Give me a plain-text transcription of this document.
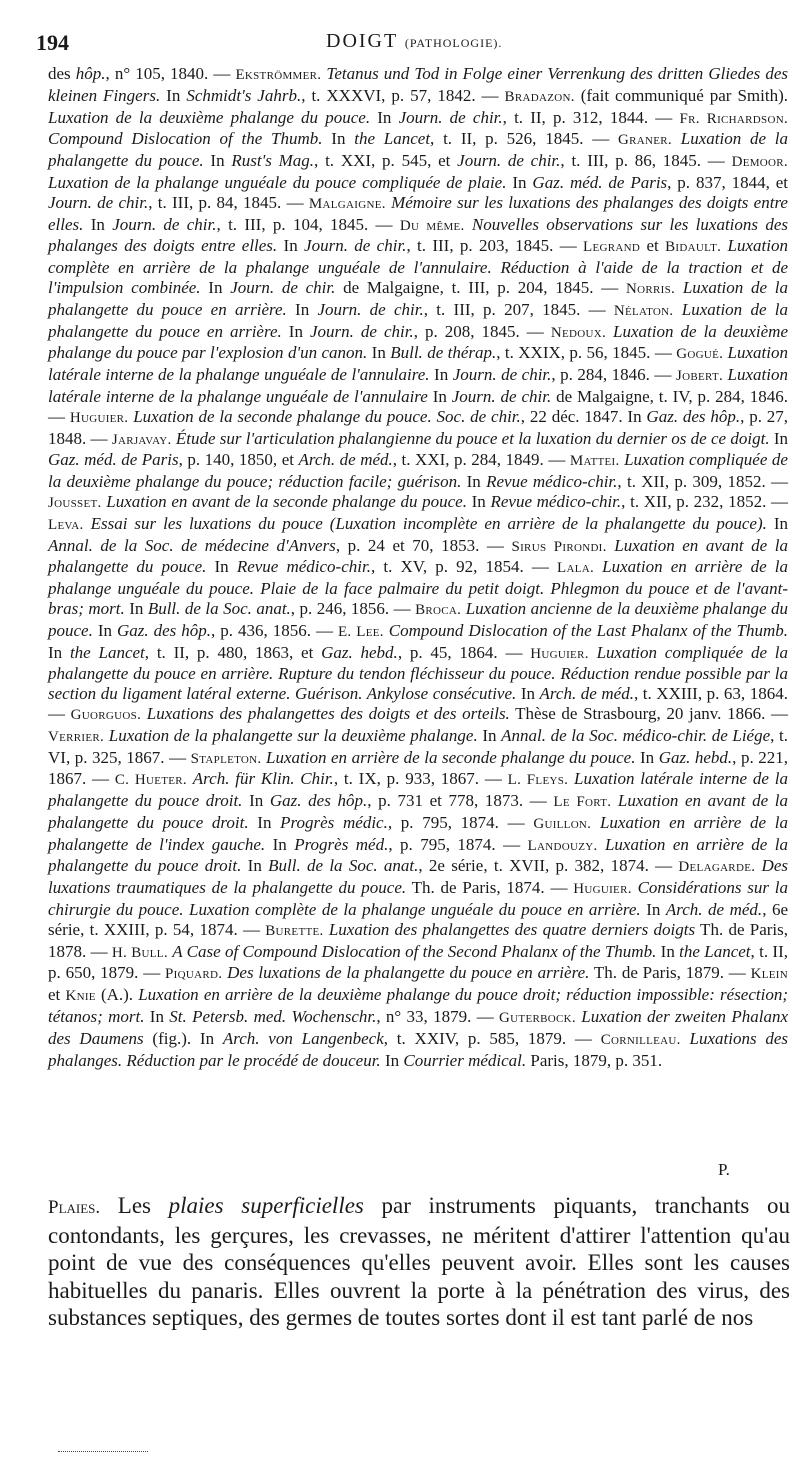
194	DOIGT (PATHOLOGIE).

des hôp., n° 105, 1840. — Ekströmmer. Tetanus und Tod in Folge einer Verrenkung des dritten Gliedes des kleinen Fingers. In Schmidt's Jahrb., t. XXXVI, p. 57, 1842. — Bradazon. (fait communiqué par Smith). Luxation de la deuxième phalange du pouce. In Journ. de chir., t. II, p. 312, 1844. — Fr. Richardson. Compound Dislocation of the Thumb. In the Lancet, t. II, p. 526, 1845. — Graner. Luxation de la phalangette du pouce. In Rust's Mag., t. XXI, p. 545, et Journ. de chir., t. III, p. 86, 1845. — Demoor. Luxation de la phalange unguéale du pouce compliquée de plaie. In Gaz. méd. de Paris, p. 837, 1844, et Journ. de chir., t. III, p. 84, 1845. — Malgaigne. Mémoire sur les luxations des phalanges des doigts entre elles. In Journ. de chir., t. III, p. 104, 1845. — Du même. Nouvelles observations sur les luxations des phalanges des doigts entre elles. In Journ. de chir., t. III, p. 203, 1845. — Legrand et Bidault. Luxation complète en arrière de la phalange unguéale de l'annulaire. Réduction à l'aide de la traction et de l'impulsion combinée. In Journ. de chir. de Malgaigne, t. III, p. 204, 1845. — Norris. Luxation de la phalangette du pouce en arrière. In Journ. de chir., t. III, p. 207, 1845. — Nélaton. Luxation de la phalangette du pouce en arrière. In Journ. de chir., p. 208, 1845. — Nedoux. Luxation de la deuxième phalange du pouce par l'explosion d'un canon. In Bull. de thérap., t. XXIX, p. 56, 1845. — Gogué. Luxation latérale interne de la phalange unguéale de l'annulaire. In Journ. de chir., p. 284, 1846. — Jobert. Luxation latérale interne de la phalange unguéale de l'annulaire In Journ. de chir. de Malgaigne, t. IV, p. 284, 1846. — Huguier. Luxation de la seconde phalange du pouce. Soc. de chir., 22 déc. 1847. In Gaz. des hôp., p. 27, 1848. — Jarjavay. Étude sur l'articulation phalangienne du pouce et la luxation du dernier os de ce doigt. In Gaz. méd. de Paris, p. 140, 1850, et Arch. de méd., t. XXI, p. 284, 1849. — Mattei. Luxation compliquée de la deuxième phalange du pouce; réduction facile; guérison. In Revue médico-chir., t. XII, p. 309, 1852. — Jousset. Luxation en avant de la seconde phalange du pouce. In Revue médico-chir., t. XII, p. 232, 1852. — Leva. Essai sur les luxations du pouce (Luxation incomplète en arrière de la phalangette du pouce). In Annal. de la Soc. de médecine d'Anvers, p. 24 et 70, 1853. — Sirus Pirondi. Luxation en avant de la phalangette du pouce. In Revue médico-chir., t. XV, p. 92, 1854. — Lala. Luxation en arrière de la phalange unguéale du pouce. Plaie de la face palmaire du petit doigt. Phlegmon du pouce et de l'avant-bras; mort. In Bull. de la Soc. anat., p. 246, 1856. — Broca. Luxation ancienne de la deuxième phalange du pouce. In Gaz. des hôp., p. 436, 1856. — E. Lee. Compound Dislocation of the Last Phalanx of the Thumb. In the Lancet, t. II, p. 480, 1863, et Gaz. hebd., p. 45, 1864. — Huguier. Luxation compliquée de la phalangette du pouce en arrière. Rupture du tendon fléchisseur du pouce. Réduction rendue possible par la section du ligament latéral externe. Guérison. Ankylose consécutive. In Arch. de méd., t. XXIII, p. 63, 1864. — Guorguos. Luxations des phalangettes des doigts et des orteils. Thèse de Strasbourg, 20 janv. 1866. — Verrier. Luxation de la phalangette sur la deuxième phalange. In Annal. de la Soc. médico-chir. de Liége, t. VI, p. 325, 1867. — Stapleton. Luxation en arrière de la seconde phalange du pouce. In Gaz. hebd., p. 221, 1867. — C. Hueter. Arch. für Klin. Chir., t. IX, p. 933, 1867. — L. Fleys. Luxation latérale interne de la phalangette du pouce droit. In Gaz. des hôp., p. 731 et 778, 1873. — Le Fort. Luxation en avant de la phalangette du pouce droit. In Progrès médic., p. 795, 1874. — Guillon. Luxation en arrière de la phalangette de l'index gauche. In Progrès méd., p. 795, 1874. — Landouzy. Luxation en arrière de la phalangette du pouce droit. In Bull. de la Soc. anat., 2e série, t. XVII, p. 382, 1874. — Delagarde. Des luxations traumatiques de la phalangette du pouce. Th. de Paris, 1874. — Huguier. Considérations sur la chirurgie du pouce. Luxation complète de la phalange unguéale du pouce en arrière. In Arch. de méd., 6e série, t. XXIII, p. 54, 1874. — Burette. Luxation des phalangettes des quatre derniers doigts Th. de Paris, 1878. — H. Bull. A Case of Compound Dislocation of the Second Phalanx of the Thumb. In the Lancet, t. II, p. 650, 1879. — Piquard. Des luxations de la phalangette du pouce en arrière. Th. de Paris, 1879. — Klein et Knie (A.). Luxation en arrière de la deuxième phalange du pouce droit; réduction impossible: résection; tétanos; mort. In St. Petersb. med. Wochenschr., n° 33, 1879. — Guterbock. Luxation der zweiten Phalanx des Daumens (fig.). In Arch. von Langenbeck, t. XXIV, p. 585, 1879. — Cornilleau. Luxations des phalanges. Réduction par le procédé de douceur. In Courrier médical. Paris, 1879, p. 351.

P.

Plaies. Les plaies superficielles par instruments piquants, tranchants ou contondants, les gerçures, les crevasses, ne méritent d'attirer l'attention qu'au point de vue des conséquences qu'elles peuvent avoir. Elles sont les causes habituelles du panaris. Elles ouvrent la porte à la pénétration des virus, des substances septiques, des germes de toutes sortes dont il est tant parlé de nos
